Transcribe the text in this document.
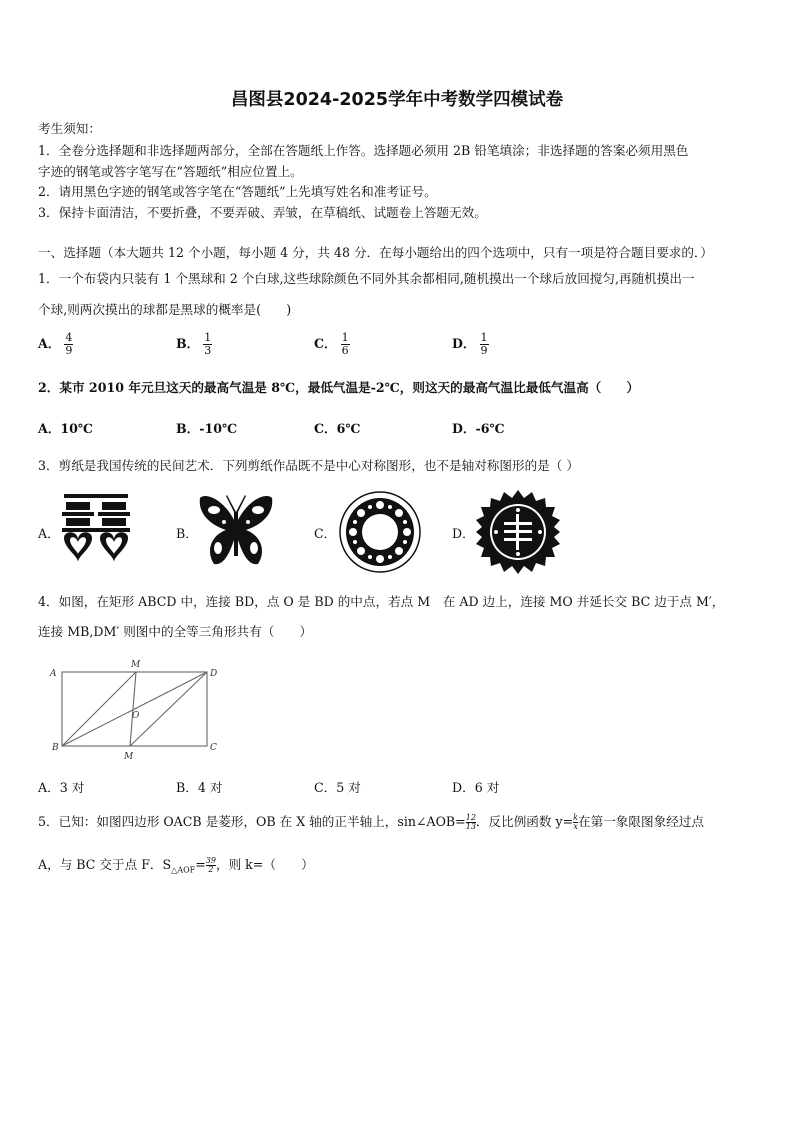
昌图县2024-2025学年中考数学四模试卷
考生须知：
1．全卷分选择题和非选择题两部分，全部在答题纸上作答。选择题必须用 2B 铅笔填涂；非选择题的答案必须用黑色
字迹的钢笔或答字笔写在“答题纸”相应位置上。
2．请用黑色字迹的钢笔或答字笔在“答题纸”上先填写姓名和准考证号。
3．保持卡面清洁，不要折叠，不要弄破、弄皱，在草稿纸、试题卷上答题无效。
一、选择题（本大题共 12 个小题，每小题 4 分，共 48 分．在每小题给出的四个选项中，只有一项是符合题目要求的．）
1．一个布袋内只装有 1 个黑球和 2 个白球,这些球除颜色不同外其余都相同,随机摸出一个球后放回搅匀,再随机摸出一
个球,则两次摸出的球都是黑球的概率是(　　)
A． $\frac{4}{9}$	B． $\frac{1}{3}$	C． $\frac{1}{6}$	D． $\frac{1}{9}$
2．某市 2010 年元旦这天的最高气温是 8℃，最低气温是-2℃，则这天的最高气温比最低气温高（　　）
A．10℃	B．-10℃	C．6℃	D．-6℃
3．剪纸是我国传统的民间艺术．下列剪纸作品既不是中心对称图形，也不是轴对称图形的是（ ）
A．	B．	C．	D．
4．如图，在矩形 ABCD 中，连接 BD，点 O 是 BD 的中点，若点 M　在 AD 边上，连接 MO 并延长交 BC 边于点 M′，
连接 MB,DM′ 则图中的全等三角形共有（　　）
A
M
D
O
B
M
C
A．3 对	B．4 对	C．5 对	D．6 对
5．已知：如图四边形 OACB 是菱形，OB 在 X 轴的正半轴上，sin∠AOB= $\frac{12}{13}$ ．反比例函数 $y= \frac{k}{x}$ 在第一象限图象经过点
A，与 BC 交于点 F．$S_{\triangle AOF}= \frac{39}{2}$ ，则 k=（　　）
